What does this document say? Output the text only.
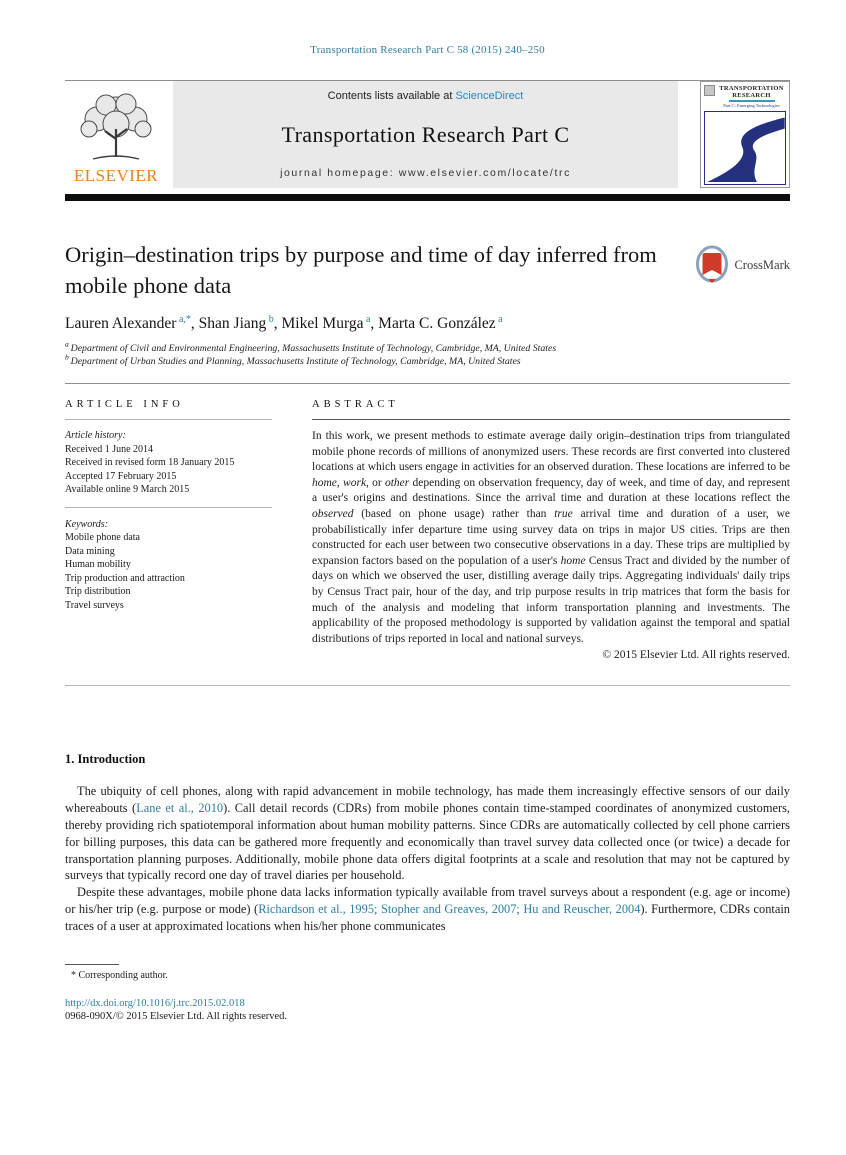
Transportation Research Part C 58 (2015) 240–250
ELSEVIER
Contents lists available at ScienceDirect
Transportation Research Part C
journal homepage: www.elsevier.com/locate/trc
TRANSPORTATION
RESEARCH
Part C: Emerging Technologies
Origin–destination trips by purpose and time of day inferred from mobile phone data
CrossMark
Lauren Alexander $^{a,*}$, Shan Jiang $^b$, Mikel Murga $^a$, Marta C. González $^a$
$^a$ Department of Civil and Environmental Engineering, Massachusetts Institute of Technology, Cambridge, MA, United States
$^b$ Department of Urban Studies and Planning, Massachusetts Institute of Technology, Cambridge, MA, United States
ARTICLE INFO
Article history:
Received 1 June 2014
Received in revised form 18 January 2015
Accepted 17 February 2015
Available online 9 March 2015
Keywords:
Mobile phone data
Data mining
Human mobility
Trip production and attraction
Trip distribution
Travel surveys
ABSTRACT

In this work, we present methods to estimate average daily origin–destination trips from triangulated mobile phone records of millions of anonymized users. These records are first converted into clustered locations at which users engage in activities for an observed duration. These locations are inferred to be home, work, or other depending on observation frequency, day of week, and time of day, and represent a user's origins and destinations. Since the arrival time and duration at these locations reflect the observed (based on phone usage) rather than true arrival time and duration of a user, we probabilistically infer departure time using survey data on trips in major US cities. Trips are then constructed for each user between two consecutive observations in a day. These trips are multiplied by expansion factors based on the population of a user's home Census Tract and divided by the number of days on which we observed the user, distilling average daily trips. Aggregating individuals' daily trips by Census Tract pair, hour of the day, and trip purpose results in trip matrices that form the basis for much of the analysis and modeling that inform transportation planning and investments. The applicability of the proposed methodology is supported by validation against the temporal and spatial distributions of trips reported in local and national surveys.

© 2015 Elsevier Ltd. All rights reserved.
1. Introduction

The ubiquity of cell phones, along with rapid advancement in mobile technology, has made them increasingly effective sensors of our daily whereabouts (Lane et al., 2010). Call detail records (CDRs) from mobile phones contain time-stamped coordinates of anonymized customers, thereby providing rich spatiotemporal information about human mobility patterns. Since CDRs are automatically collected by cell phone carriers for billing purposes, this data can be gathered more frequently and economically than travel survey data collected once (or twice) a decade for transportation planning purposes. Additionally, mobile phone data offers digital footprints at a scale and resolution that may not be captured by surveys that typically record one day of travel diaries per household.

Despite these advantages, mobile phone data lacks information typically available from travel surveys about a respondent (e.g. age or income) or his/her trip (e.g. purpose or mode) (Richardson et al., 1995; Stopher and Greaves, 2007; Hu and Reuscher, 2004). Furthermore, CDRs contain traces of a user at approximated locations when his/her phone communicates

* Corresponding author.
http://dx.doi.org/10.1016/j.trc.2015.02.018
0968-090X/© 2015 Elsevier Ltd. All rights reserved.
